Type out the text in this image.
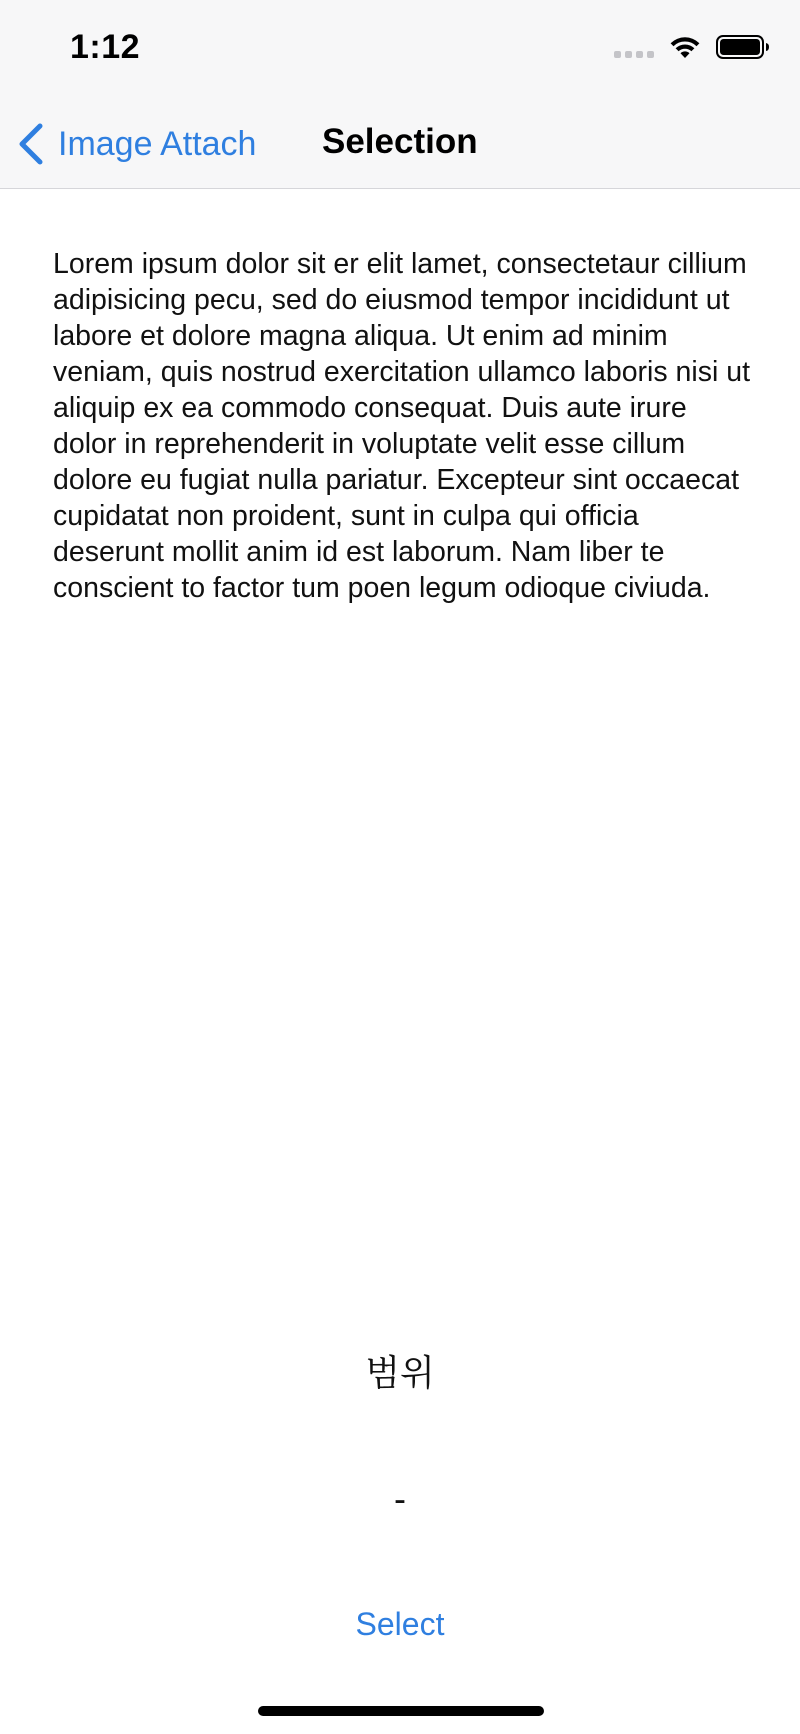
1:12
Image Attach Selection

Lorem ipsum dolor sit er elit lamet, consectetaur cillium adipisicing pecu, sed do eiusmod tempor incididunt ut labore et dolore magna aliqua. Ut enim ad minim veniam, quis nostrud exercitation ullamco laboris nisi ut aliquip ex ea commodo consequat. Duis aute irure dolor in reprehenderit in voluptate velit esse cillum dolore eu fugiat nulla pariatur. Excepteur sint occaecat cupidatat non proident, sunt in culpa qui officia deserunt mollit anim id est laborum. Nam liber te conscient to factor tum poen legum odioque civiuda.

범위
-
Select
